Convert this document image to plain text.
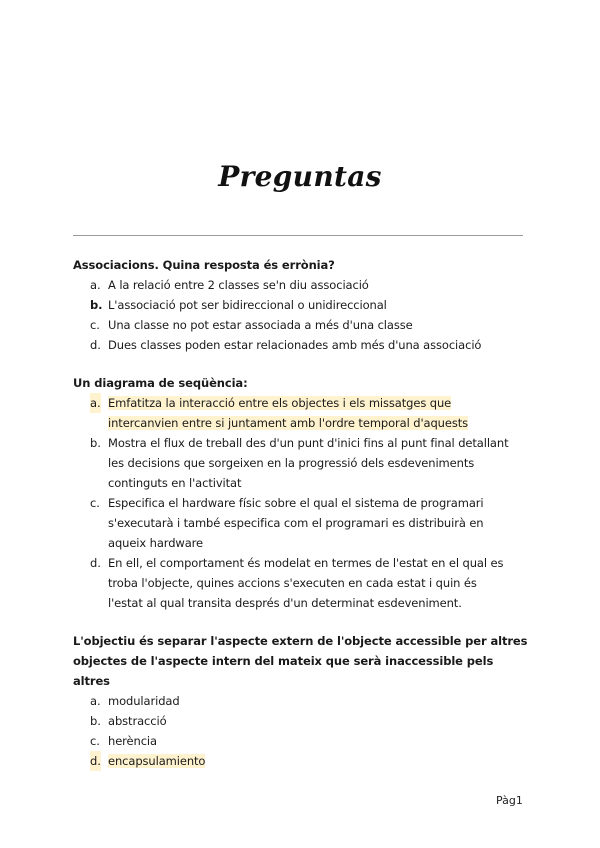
Preguntas

Associacions. Quina resposta és errònia?

a. A la relació entre 2 classes se'n diu associació
b. L'associació pot ser bidireccional o unidireccional
c. Una classe no pot estar associada a més d'una classe
d. Dues classes poden estar relacionades amb més d'una associació

Un diagrama de seqüència:

a. Emfatitza la interacció entre els objectes i els missatges que
intercanvien entre si juntament amb l'ordre temporal d'aquests
b. Mostra el flux de treball des d'un punt d'inici fins al punt final detallant
les decisions que sorgeixen en la progressió dels esdeveniments
continguts en l'activitat
c. Especifica el hardware físic sobre el qual el sistema de programari
s'executarà i també especifica com el programari es distribuirà en
aqueix hardware
d. En ell, el comportament és modelat en termes de l'estat en el qual es
troba l'objecte, quines accions s'executen en cada estat i quin és
l'estat al qual transita després d'un determinat esdeveniment.

L'objectiu és separar l'aspecte extern de l'objecte accessible per altres
objectes de l'aspecte intern del mateix que serà inaccessible pels altres

a. modularidad
b. abstracció
c. herència
d. encapsulamiento
Pàg1
